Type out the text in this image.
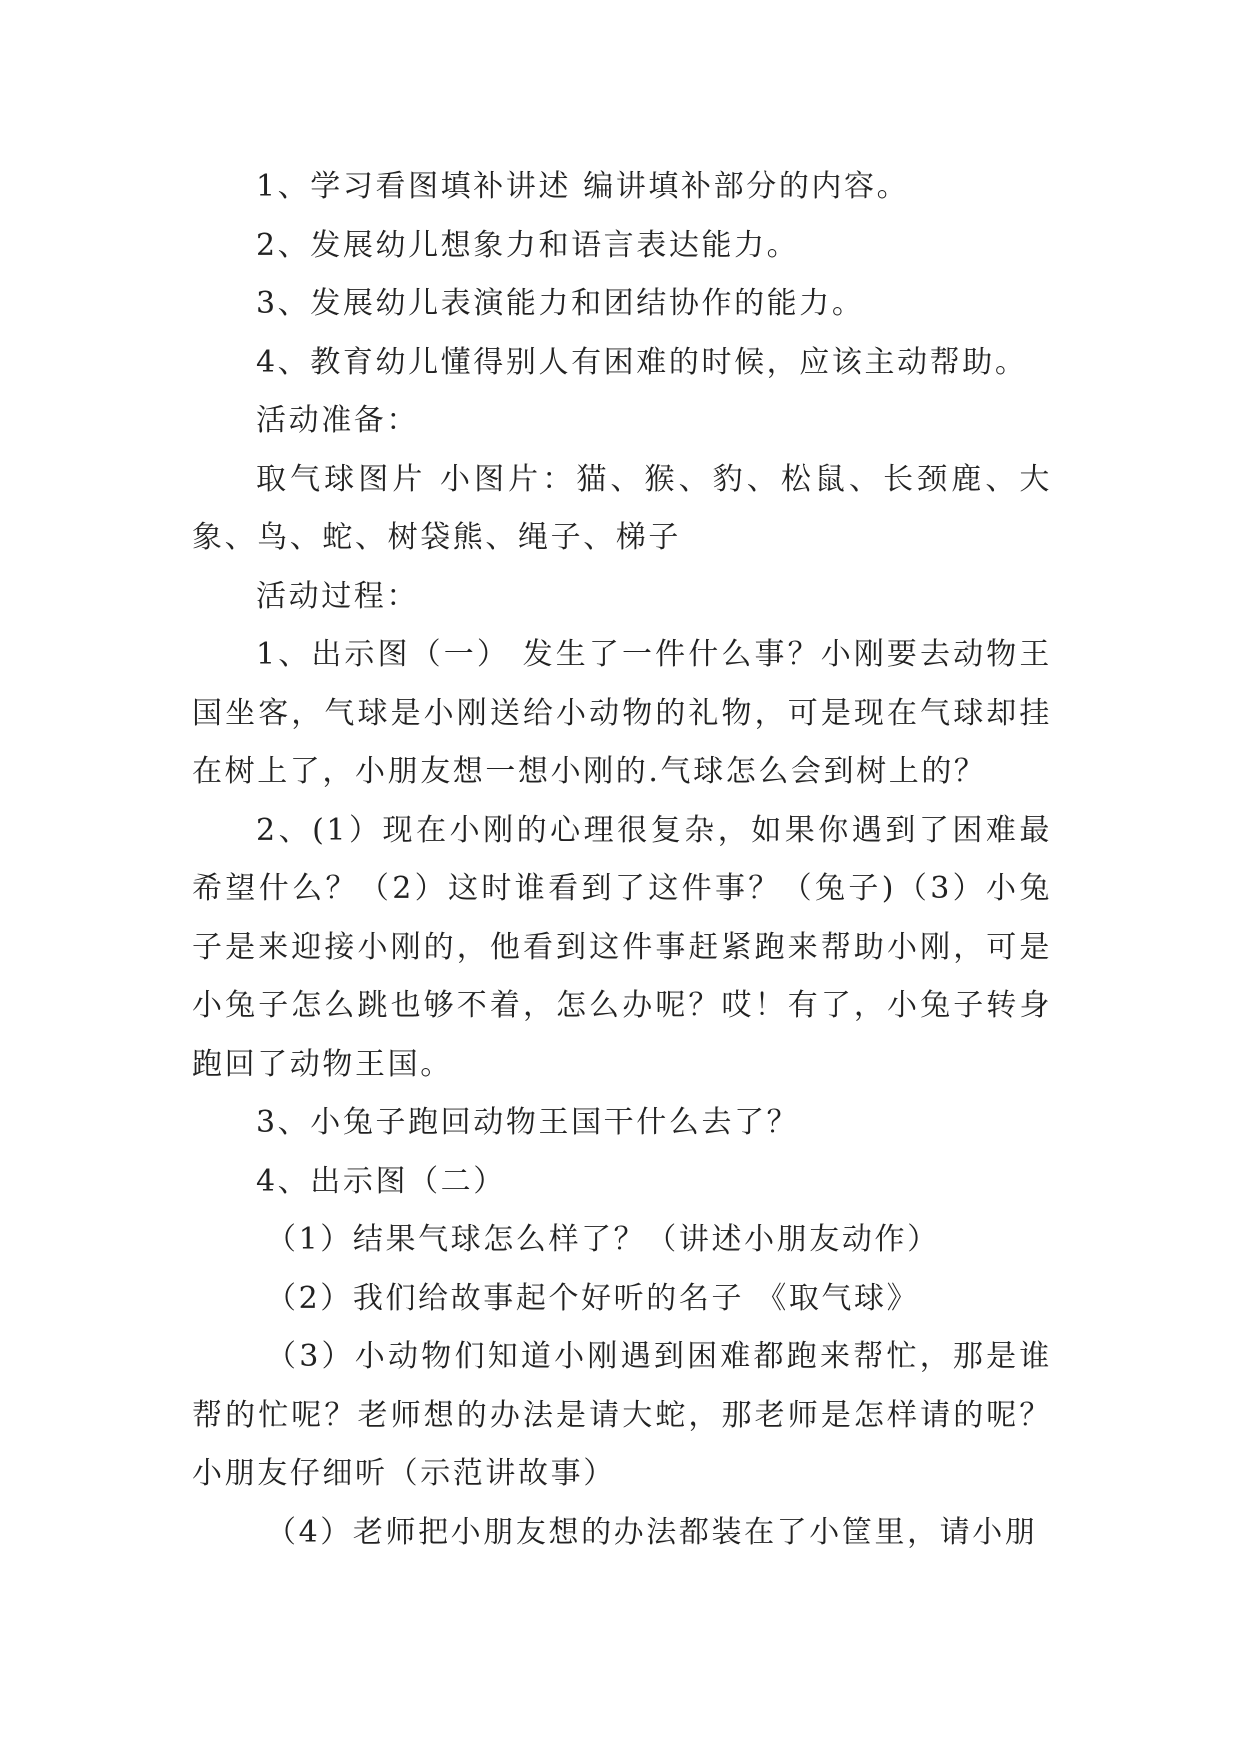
1、学习看图填补讲述 编讲填补部分的内容。

2、发展幼儿想象力和语言表达能力。

3、发展幼儿表演能力和团结协作的能力。

4、教育幼儿懂得别人有困难的时候，应该主动帮助。

活动准备：

取气球图片 小图片：猫、猴、豹、松鼠、长颈鹿、大象、鸟、蛇、树袋熊、绳子、梯子

活动过程：

1、出示图（一） 发生了一件什么事？小刚要去动物王国坐客，气球是小刚送给小动物的礼物，可是现在气球却挂在树上了，小朋友想一想小刚的.气球怎么会到树上的？

2、(1）现在小刚的心理很复杂，如果你遇到了困难最希望什么？（2）这时谁看到了这件事？（兔子)（3）小兔子是来迎接小刚的，他看到这件事赶紧跑来帮助小刚，可是小兔子怎么跳也够不着，怎么办呢？哎！有了，小兔子转身跑回了动物王国。

3、小兔子跑回动物王国干什么去了？

4、出示图（二）

（1）结果气球怎么样了？（讲述小朋友动作）

（2）我们给故事起个好听的名子 《取气球》

（3）小动物们知道小刚遇到困难都跑来帮忙，那是谁帮的忙呢？老师想的办法是请大蛇，那老师是怎样请的呢？小朋友仔细听（示范讲故事）

（4）老师把小朋友想的办法都装在了小筐里，请小朋
